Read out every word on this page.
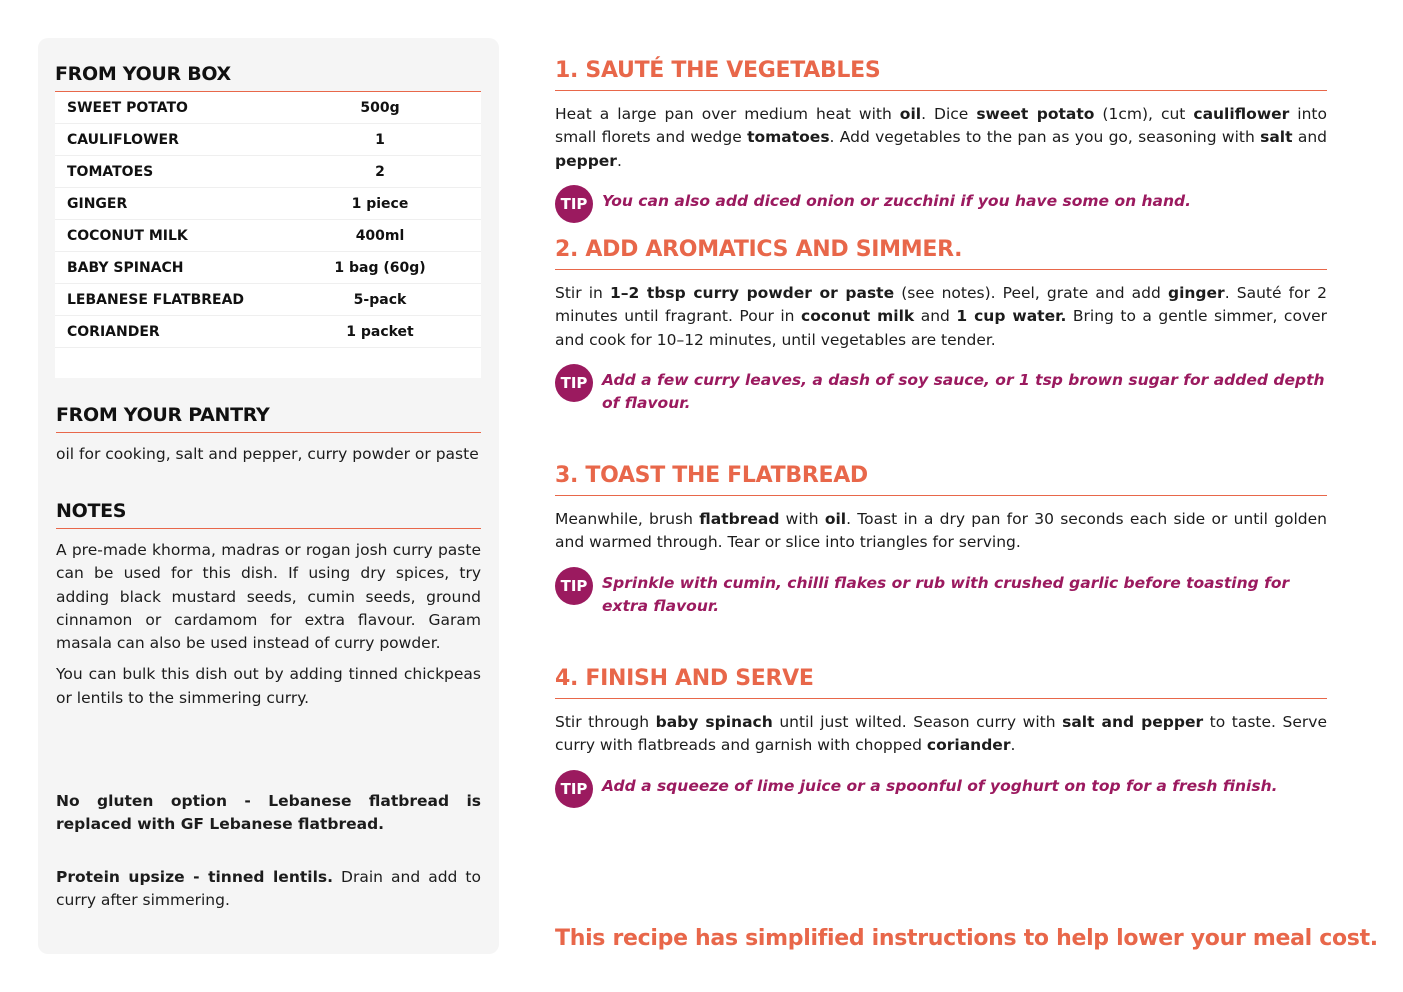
FROM YOUR BOX
SWEET POTATO	500g
CAULIFLOWER	1
TOMATOES	2
GINGER	1 piece
COCONUT MILK	400ml
BABY SPINACH	1 bag (60g)
LEBANESE FLATBREAD	5-pack
CORIANDER	1 packet
FROM YOUR PANTRY
oil for cooking, salt and pepper, curry powder or paste
NOTES

A pre-made khorma, madras or rogan josh curry paste can be used for this dish. If using dry spices, try adding black mustard seeds, cumin seeds, ground cinnamon or cardamom for extra flavour. Garam masala can also be used instead of curry powder.

You can bulk this dish out by adding tinned chickpeas or lentils to the simmering curry.

No gluten option - Lebanese flatbread is replaced with GF Lebanese flatbread.

Protein upsize - tinned lentils. Drain and add to curry after simmering.

1. SAUTÉ THE VEGETABLES
Heat a large pan over medium heat with oil. Dice sweet potato (1cm), cut cauliflower into small florets and wedge tomatoes. Add vegetables to the pan as you go, seasoning with salt and pepper.
TIP You can also add diced onion or zucchini if you have some on hand.
2. ADD AROMATICS AND SIMMER.
Stir in 1–2 tbsp curry powder or paste (see notes). Peel, grate and add ginger. Sauté for 2 minutes until fragrant. Pour in coconut milk and 1 cup water. Bring to a gentle simmer, cover and cook for 10–12 minutes, until vegetables are tender.
TIP Add a few curry leaves, a dash of soy sauce, or 1 tsp brown sugar for added depth of flavour.
3. TOAST THE FLATBREAD
Meanwhile, brush flatbread with oil. Toast in a dry pan for 30 seconds each side or until golden and warmed through. Tear or slice into triangles for serving.
TIP Sprinkle with cumin, chilli flakes or rub with crushed garlic before toasting for extra flavour.
4. FINISH AND SERVE
Stir through baby spinach until just wilted. Season curry with salt and pepper to taste. Serve curry with flatbreads and garnish with chopped coriander.
TIP Add a squeeze of lime juice or a spoonful of yoghurt on top for a fresh finish.
This recipe has simplified instructions to help lower your meal cost.
